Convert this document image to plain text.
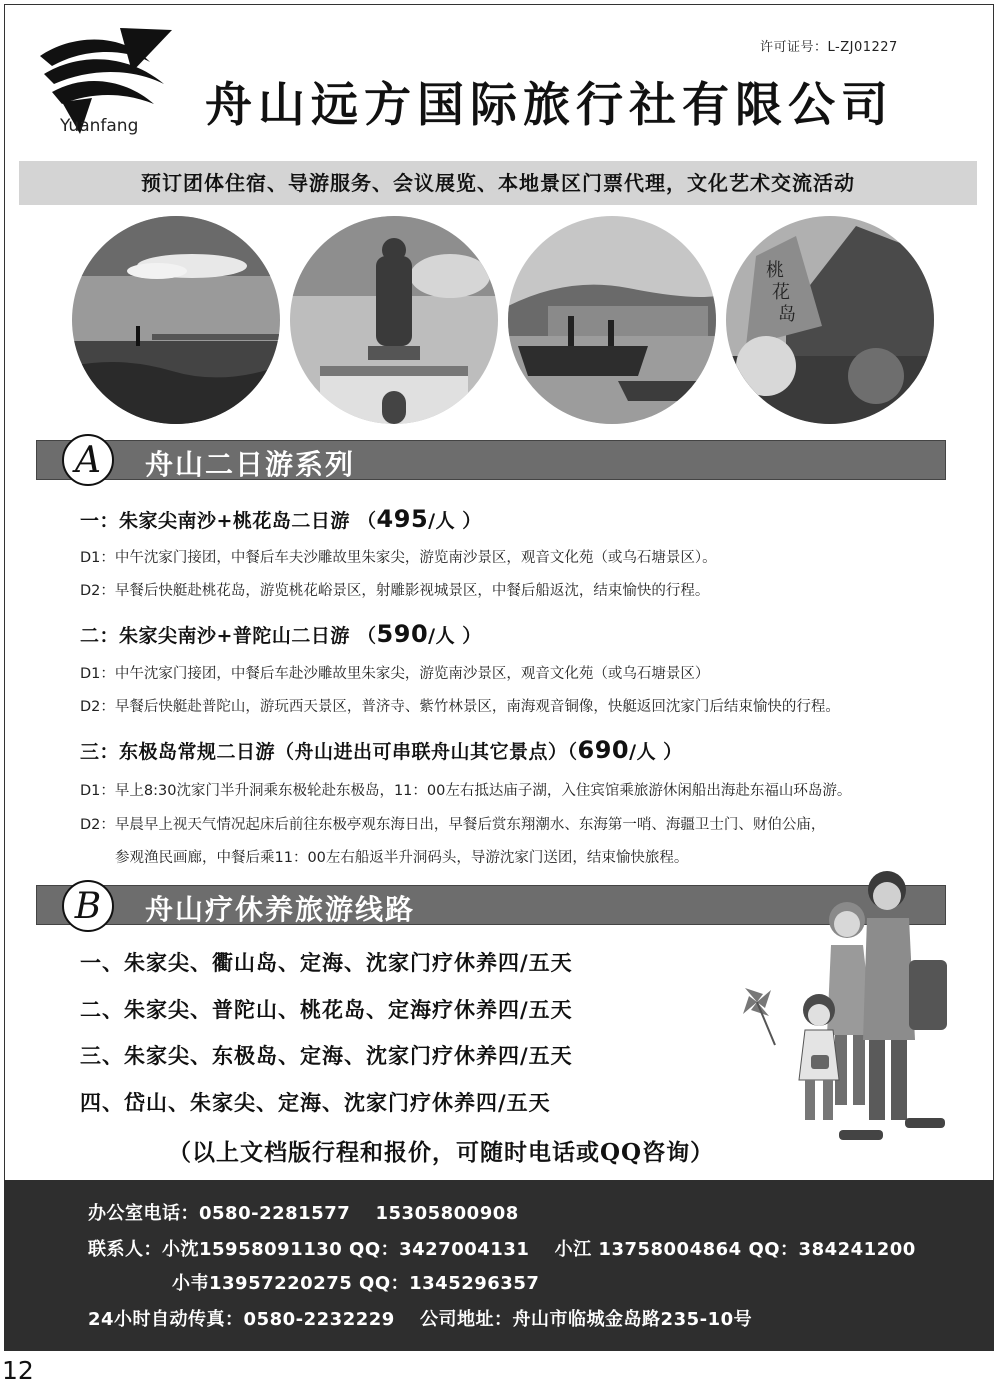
Yuanfang
许可证号：L-ZJ01227
舟山远方国际旅行社有限公司
预订团体住宿、导游服务、会议展览、本地景区门票代理，文化艺术交流活动
桃
花
岛
A	舟山二日游系列
一：朱家尖南沙+桃花岛二日游 （495/人 ）
D1：中午沈家门接团，中餐后车夫沙雕故里朱家尖，游览南沙景区，观音文化苑（或乌石塘景区）。
D2：早餐后快艇赴桃花岛，游览桃花峪景区，射雕影视城景区，中餐后船返沈，结束愉快的行程。
二：朱家尖南沙+普陀山二日游 （590/人 ）
D1：中午沈家门接团，中餐后车赴沙雕故里朱家尖，游览南沙景区，观音文化苑（或乌石塘景区）
D2：早餐后快艇赴普陀山，游玩西天景区，普济寺、紫竹林景区，南海观音铜像，快艇返回沈家门后结束愉快的行程。
三：东极岛常规二日游（舟山进出可串联舟山其它景点）（690/人 ）
D1：早上8:30沈家门半升洞乘东极轮赴东极岛，11：00左右抵达庙子湖，入住宾馆乘旅游休闲船出海赴东福山环岛游。
D2：早晨早上视天气情况起床后前往东极亭观东海日出，早餐后赏东翔潮水、东海第一哨、海疆卫士门、财伯公庙，
参观渔民画廊，中餐后乘11：00左右船返半升洞码头，导游沈家门送团，结束愉快旅程。
B	舟山疗休养旅游线路
一、朱家尖、衢山岛、定海、沈家门疗休养四/五天
二、朱家尖、普陀山、桃花岛、定海疗休养四/五天
三、朱家尖、东极岛、定海、沈家门疗休养四/五天
四、岱山、朱家尖、定海、沈家门疗休养四/五天
（以上文档版行程和报价，可随时电话或QQ咨询）
办公室电话：0580-2281577　 15305800908
联系人：小沈15958091130 QQ：3427004131　 小江 13758004864 QQ：384241200
小韦13957220275 QQ：1345296357
24小时自动传真：0580-2232229　 公司地址：舟山市临城金岛路235-10号
12
